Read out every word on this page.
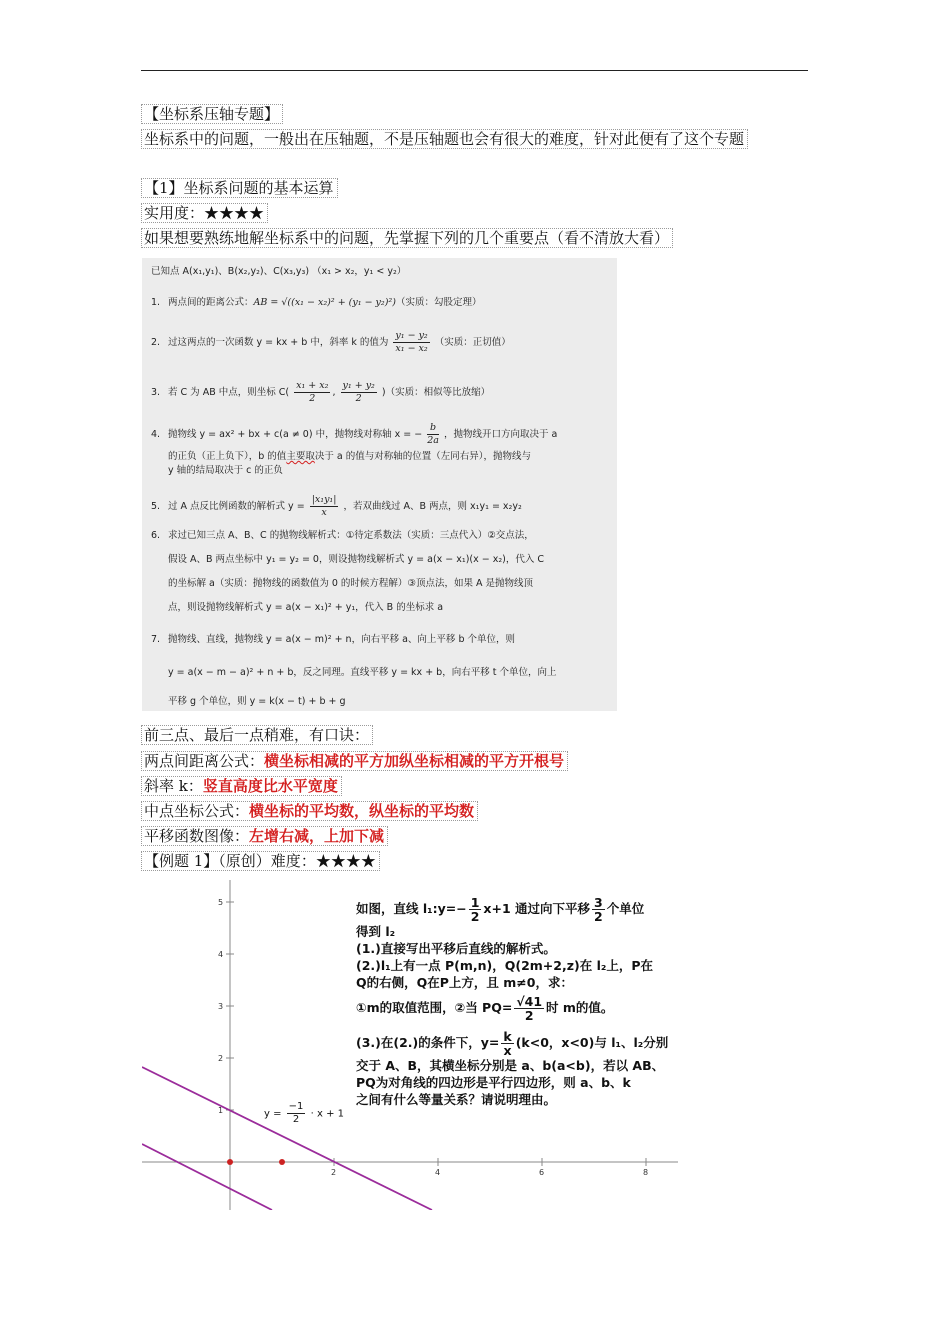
【坐标系压轴专题】
坐标系中的问题，一般出在压轴题，不是压轴题也会有很大的难度，针对此便有了这个专题
【1】坐标系问题的基本运算
实用度：★★★★
如果想要熟练地解坐标系中的问题，先掌握下列的几个重要点（看不清放大看）
已知点 A(x₁,y₁)、B(x₂,y₂)、C(x₃,y₃) （x₁ > x₂，y₁ < y₂）
1. 两点间的距离公式：AB = √((x₁ − x₂)² + (y₁ − y₂)²)（实质：勾股定理）
2. 过这两点的一次函数 y = kx + b 中，斜率 k 的值为 $\frac{\text{y₁ − y₂}}{\text{x₁ − x₂}}$ （实质：正切值）
3. 若 C 为 AB 中点，则坐标 $C( \frac{\text{x₁ + x₂}}{2}$ , $\frac{\text{y₁ + y₂}}{2}$ )（实质：相似等比放缩）
4. 抛物线 y = ax² + bx + c(a ≠ 0) 中，抛物线对称轴 x = − $\frac{b}{2a}$ ，抛物线开口方向取决于 a
的正负（正上负下），b 的值主要取决于 a 的值与对称轴的位置（左同右异），抛物线与
y 轴的结局取决于 c 的正负
5. 过 A 点反比例函数的解析式 $y = \frac{\text{|x₁y₁|}}{x}$ ，若双曲线过 A、B 两点，则 x₁y₁ = x₂y₂
6. 求过已知三点 A、B、C 的抛物线解析式：①待定系数法（实质：三点代入）②交点法，
假设 A、B 两点坐标中 y₁ = y₂ = 0，则设抛物线解析式 y = a(x − x₁)(x − x₂)，代入 C
的坐标解 a（实质：抛物线的函数值为 0 的时候方程解）③顶点法，如果 A 是抛物线顶
点，则设抛物线解析式 y = a(x − x₁)² + y₁，代入 B 的坐标求 a
7. 抛物线、直线，抛物线 y = a(x − m)² + n，向右平移 a、向上平移 b 个单位，则
y = a(x − m − a)² + n + b，反之同理。直线平移 y = kx + b，向右平移 t 个单位，向上
平移 g 个单位，则 y = k(x − t) + b + g
前三点、最后一点稍难，有口诀：
两点间距离公式：横坐标相减的平方加纵坐标相减的平方开根号
斜率 k：竖直高度比水平宽度
中点坐标公式：横坐标的平均数，纵坐标的平均数
平移函数图像：左增右减，上加下减
【例题 1】（原创）难度：★★★★
5
4
3
2
1
2	4	6	8
$y = \frac{-1}{2} \cdot x + 1$

如图，直线 l₁:y=− $\frac{1}{2} x+1$ 通过向下平移 $\frac{3}{2}$ 个单位

得到 l₂

(1.)直接写出平移后直线的解析式。

(2.)l₁上有一点 P(m,n)，Q(2m+2,z)在 l₂上，P在

Q的右侧，Q在P上方，且 m≠0，求：

①m的取值范围，②当 $PQ= \frac{√41}{2}$ 时 m的值。

(3.)在(2.)的条件下，$y= \frac{k}{x} (k<0$，x<0)与 l₁、l₂分别

交于 A、B，其横坐标分别是 a、b(a<b)，若以 AB、

PQ为对角线的四边形是平行四边形，则 a、b、k

之间有什么等量关系？请说明理由。
